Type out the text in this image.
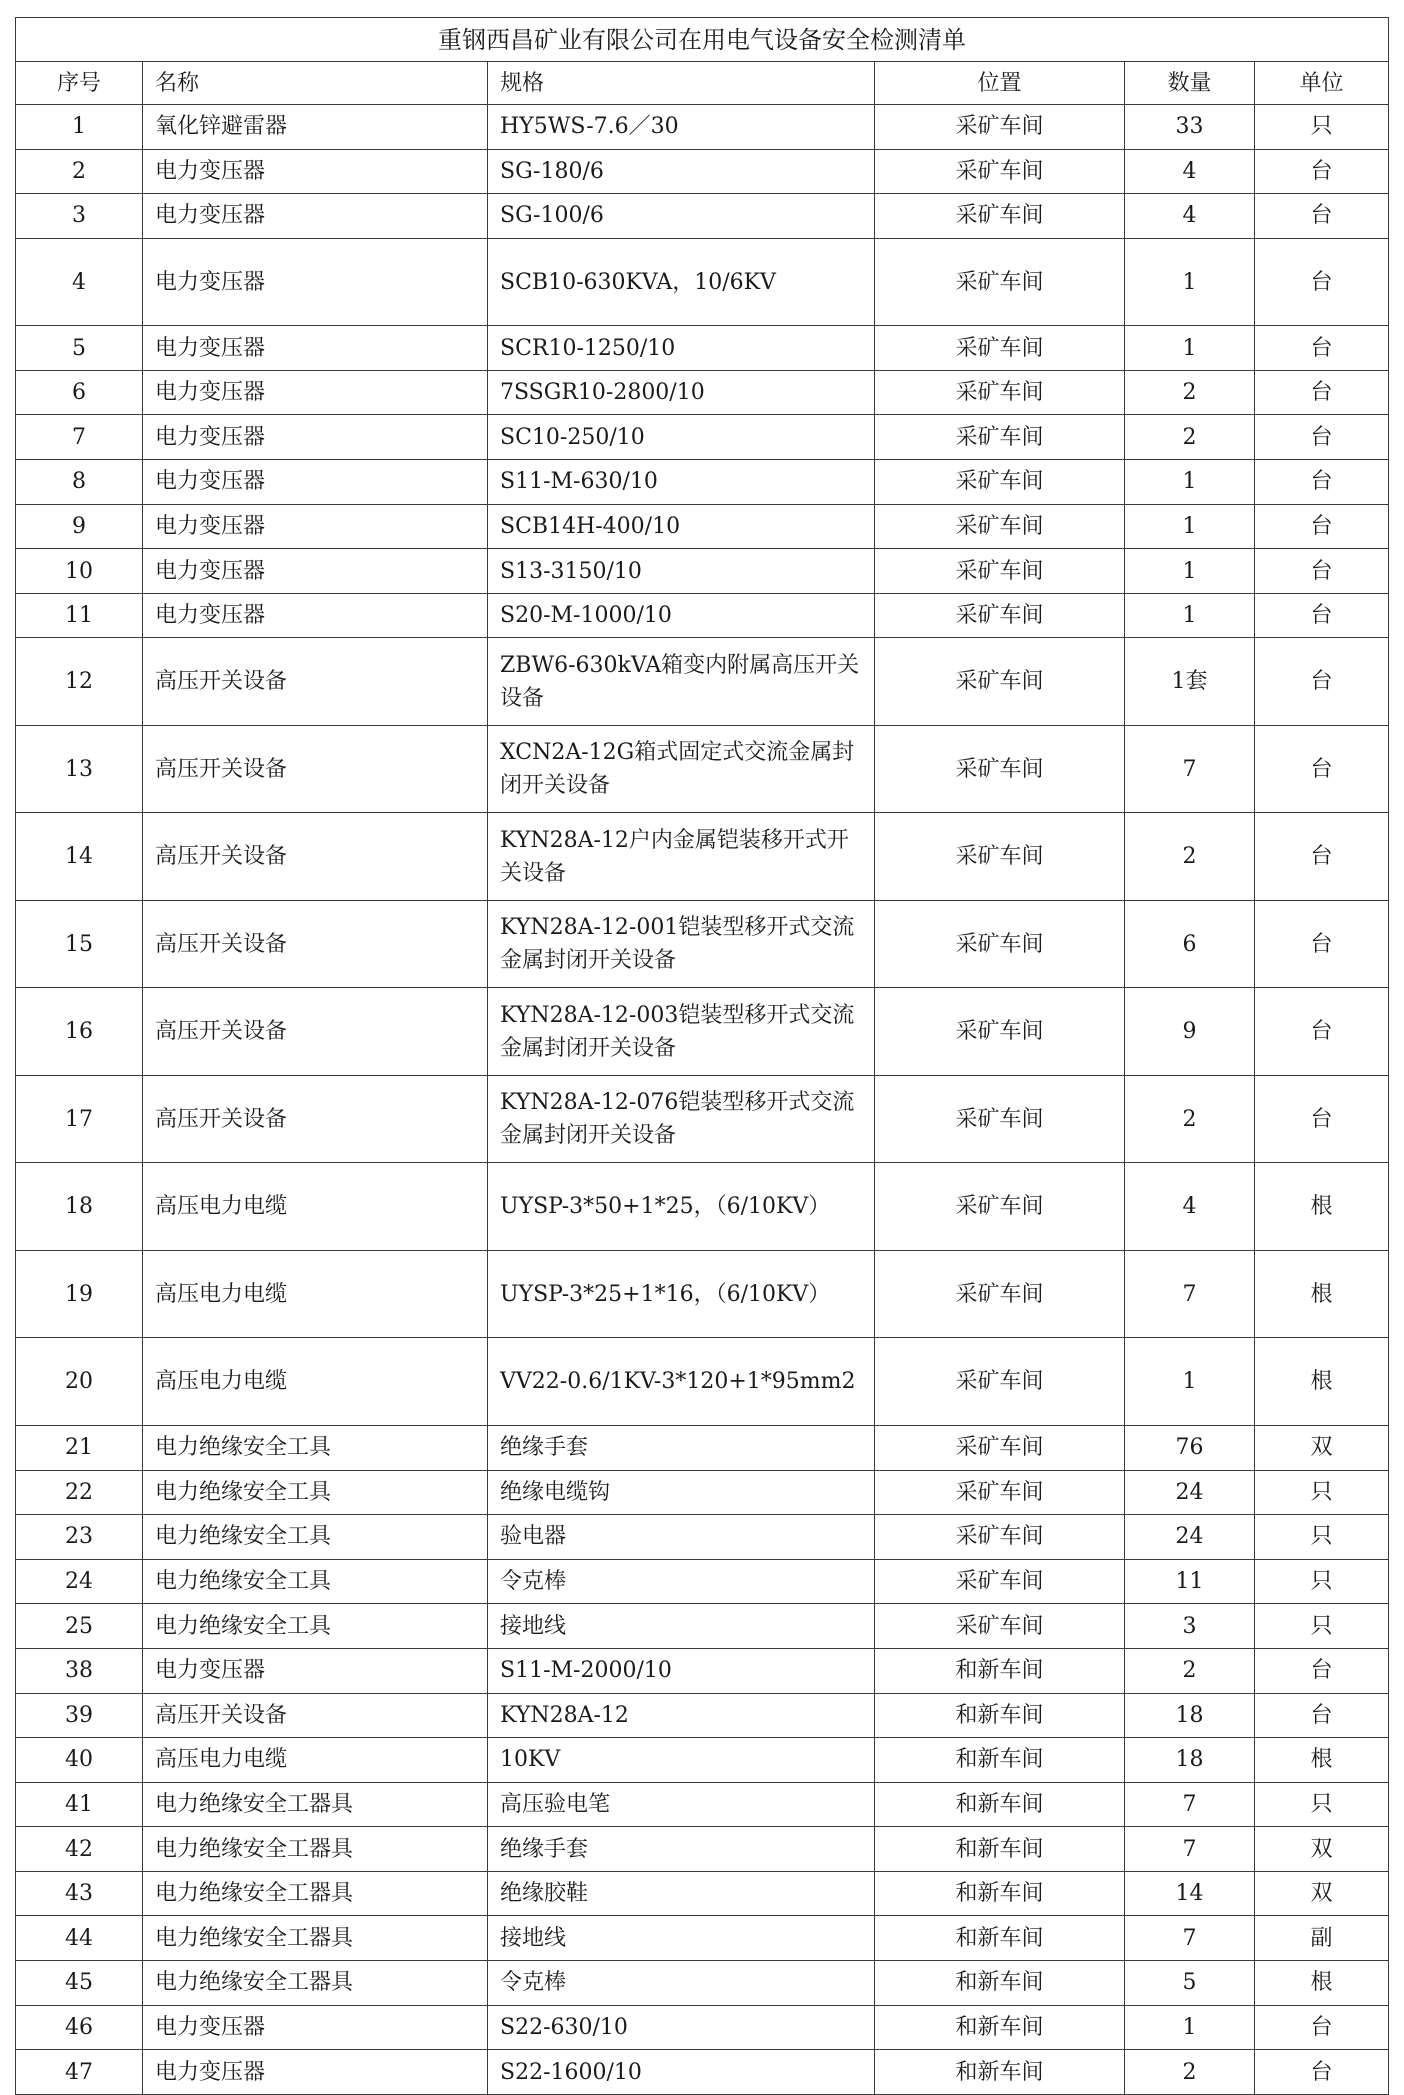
重钢西昌矿业有限公司在用电气设备安全检测清单					
序号	名称	规格	位置	数量	单位
1	氧化锌避雷器	HY5WS-7.6／30	采矿车间	33	只
2	电力变压器	SG-180/6	采矿车间	4	台
3	电力变压器	SG-100/6	采矿车间	4	台
4	电力变压器	SCB10-630KVA，10/6KV	采矿车间	1	台
5	电力变压器	SCR10-1250/10	采矿车间	1	台
6	电力变压器	7SSGR10-2800/10	采矿车间	2	台
7	电力变压器	SC10-250/10	采矿车间	2	台
8	电力变压器	S11-M-630/10	采矿车间	1	台
9	电力变压器	SCB14H-400/10	采矿车间	1	台
10	电力变压器	S13-3150/10	采矿车间	1	台
11	电力变压器	S20-M-1000/10	采矿车间	1	台
12	高压开关设备	ZBW6-630kVA箱变内附属高压开关设备	采矿车间	1套	台
13	高压开关设备	XCN2A-12G箱式固定式交流金属封闭开关设备	采矿车间	7	台
14	高压开关设备	KYN28A-12户内金属铠装移开式开关设备	采矿车间	2	台
15	高压开关设备	KYN28A-12-001铠装型移开式交流金属封闭开关设备	采矿车间	6	台
16	高压开关设备	KYN28A-12-003铠装型移开式交流金属封闭开关设备	采矿车间	9	台
17	高压开关设备	KYN28A-12-076铠装型移开式交流金属封闭开关设备	采矿车间	2	台
18	高压电力电缆	UYSP-3*50+1*25，（6/10KV）	采矿车间	4	根
19	高压电力电缆	UYSP-3*25+1*16，（6/10KV）	采矿车间	7	根
20	高压电力电缆	VV22-0.6/1KV-3*120+1*95mm2	采矿车间	1	根
21	电力绝缘安全工具	绝缘手套	采矿车间	76	双
22	电力绝缘安全工具	绝缘电缆钩	采矿车间	24	只
23	电力绝缘安全工具	验电器	采矿车间	24	只
24	电力绝缘安全工具	令克棒	采矿车间	11	只
25	电力绝缘安全工具	接地线	采矿车间	3	只
38	电力变压器	S11-M-2000/10	和新车间	2	台
39	高压开关设备	KYN28A-12	和新车间	18	台
40	高压电力电缆	10KV	和新车间	18	根
41	电力绝缘安全工器具	高压验电笔	和新车间	7	只
42	电力绝缘安全工器具	绝缘手套	和新车间	7	双
43	电力绝缘安全工器具	绝缘胶鞋	和新车间	14	双
44	电力绝缘安全工器具	接地线	和新车间	7	副
45	电力绝缘安全工器具	令克棒	和新车间	5	根
46	电力变压器	S22-630/10	和新车间	1	台
47	电力变压器	S22-1600/10	和新车间	2	台
